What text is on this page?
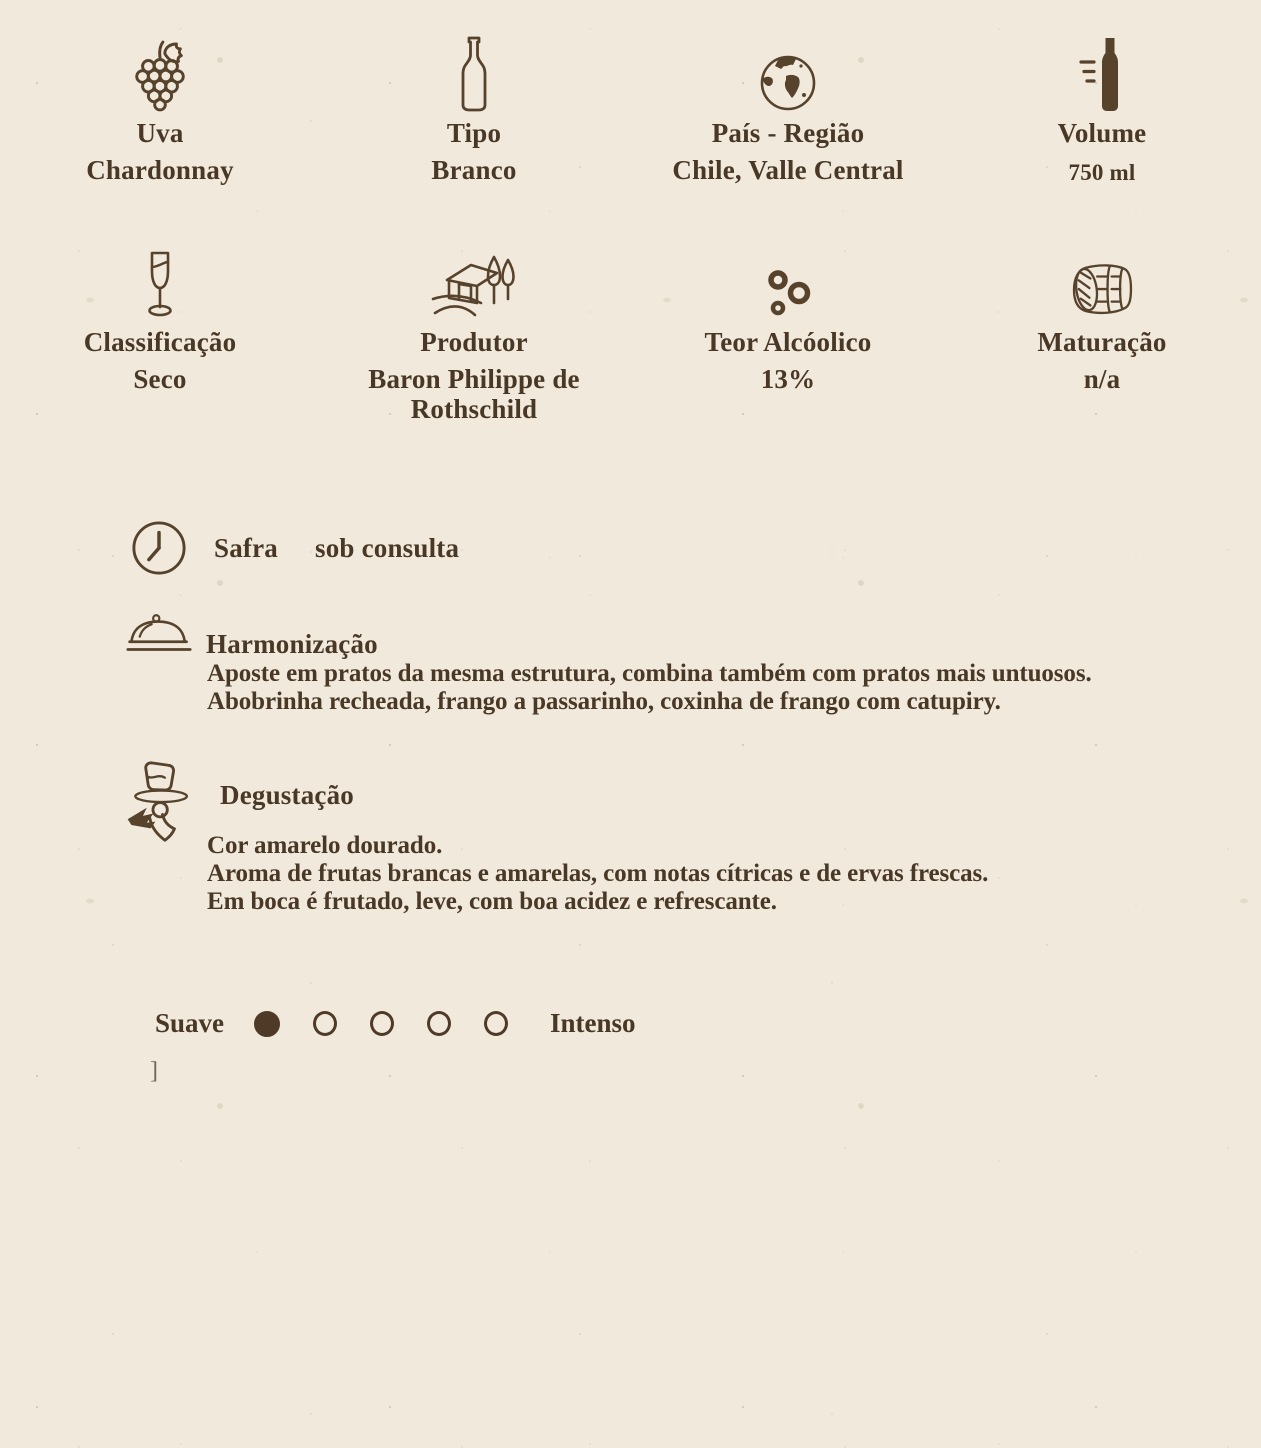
Uva
Chardonnay
Tipo
Branco
País - Região
Chile, Valle Central
Volume
750 ml
Classificação
Seco
Produtor
Baron Philippe de Rothschild
Teor Alcóolico
13%
Maturação
n/a
Safra sob consulta
Harmonização
Aposte em pratos da mesma estrutura, combina também com pratos mais untuosos.
Abobrinha recheada, frango a passarinho, coxinha de frango com catupiry.
Degustação
Cor amarelo dourado.
Aroma de frutas brancas e amarelas, com notas cítricas e de ervas frescas.
Em boca é frutado, leve, com boa acidez e refrescante.
Suave	Intenso
]
